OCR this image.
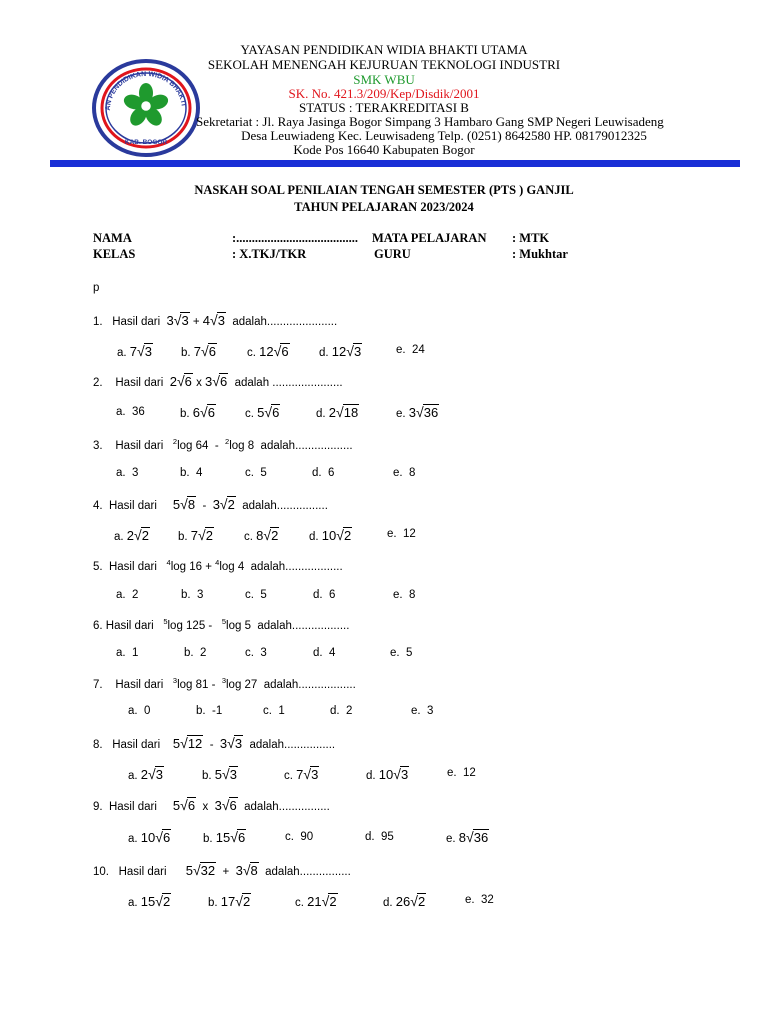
AN PENDIDIKAN WIDIA BHAKTI
KAB. BOGOR
YAYASAN PENDIDIKAN WIDIA BHAKTI UTAMA
SEKOLAH MENENGAH KEJURUAN TEKNOLOGI INDUSTRI
SMK WBU
SK. No. 421.3/209/Kep/Disdik/2001
STATUS : TERAKREDITASI B
Sekretariat : Jl. Raya Jasinga Bogor Simpang 3 Hambaro Gang SMP Negeri Leuwisadeng
Desa Leuwiadeng Kec. Leuwisadeng Telp. (0251) 8642580 HP. 08179012325
Kode Pos 16640 Kabupaten Bogor
NASKAH SOAL PENILAIAN TENGAH SEMESTER (PTS ) GANJIL
TAHUN PELAJARAN 2023/2024
NAMA	:....................................... MATA PELAJARAN : MTK
KELAS	: X.TKJ/TKR	GURU	: Mukhtar
p
1. Hasil dari 3√3 + 4√3 adalah......................
a. 7√3	b. 7√6	c. 12√6	d. 12√3	e. 24
2. Hasil dari 2√6 x 3√6 adalah ......................
a. 36	b. 6√6	c. 5√6	d. 2√18	e. 3√36
3. Hasil dari $^2$log 64 - $^2$log 8 adalah..................
a. 3	b. 4	c. 5	d. 6	e. 8
4. Hasil dari 5√8 - 3√2 adalah................
a. 2√2	b. 7√2	c. 8√2	d. 10√2	e. 12
5. Hasil dari $^4$log 16 + $^4$log 4 adalah..................
a. 2	b. 3	c. 5	d. 6	e. 8
6. Hasil dari $^5$log 125 - $^5$log 5 adalah..................
a. 1	b. 2	c. 3	d. 4	e. 5
7. Hasil dari $^3$log 81 - $^3$log 27 adalah..................
a. 0	b. -1	c. 1	d. 2	e. 3
8. Hasil dari 5√12 - 3√3 adalah................
a. 2√3	b. 5√3	c. 7√3	d. 10√3	e. 12
9. Hasil dari 5√6 x 3√6 adalah................
a. 10√6	b. 15√6	c. 90	d. 95	e. 8√36
10. Hasil dari 5√32 + 3√8 adalah................
a. 15√2	b. 17√2	c. 21√2	d. 26√2	e. 32
